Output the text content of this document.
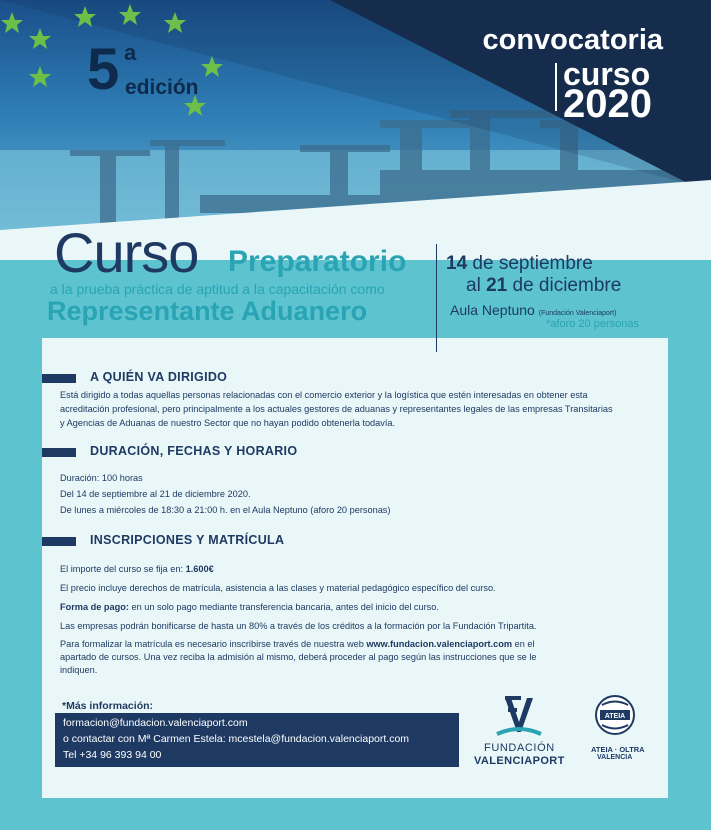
5 a
edición
convocatoria
curso
2020
Curso Preparatorio
a la prueba práctica de aptitud a la capacitación como
Representante Aduanero
14 de septiembre
al 21 de diciembre
Aula Neptuno (Fundación Valenciaport)
*aforo 20 personas
A QUIÉN VA DIRIGIDO
Está dirigido a todas aquellas personas relacionadas con el comercio exterior y la logística que estén interesadas en obtener esta
acreditación profesional, pero principalmente a los actuales gestores de aduanas y representantes legales de las empresas Transitarias
y Agencias de Aduanas de nuestro Sector que no hayan podido obtenerla todavía.
DURACIÓN, FECHAS Y HORARIO
Duración: 100 horas
Del 14 de septiembre al 21 de diciembre 2020.
De lunes a miércoles de 18:30 a 21:00 h. en el Aula Neptuno (aforo 20 personas)
INSCRIPCIONES Y MATRÍCULA
El importe del curso se fija en: 1.600€
El precio incluye derechos de matrícula, asistencia a las clases y material pedagógico específico del curso.
Forma de pago: en un solo pago mediante transferencia bancaria, antes del inicio del curso.
Las empresas podrán bonificarse de hasta un 80% a través de los créditos a la formación por la Fundación Tripartita.
Para formalizar la matrícula es necesario inscribirse través de nuestra web www.fundacion.valenciaport.com en el
apartado de cursos. Una vez reciba la admisión al mismo, deberá proceder al pago según las instrucciones que se le
indiquen.
*Más información:
formacion@fundacion.valenciaport.com
o contactar con Mª Carmen Estela: mcestela@fundacion.valenciaport.com
Tel +34 96 393 94 00
FUNDACIÓN
VALENCIAPORT
ATEIA
ATEIA · OLTRA
VALENCIA
